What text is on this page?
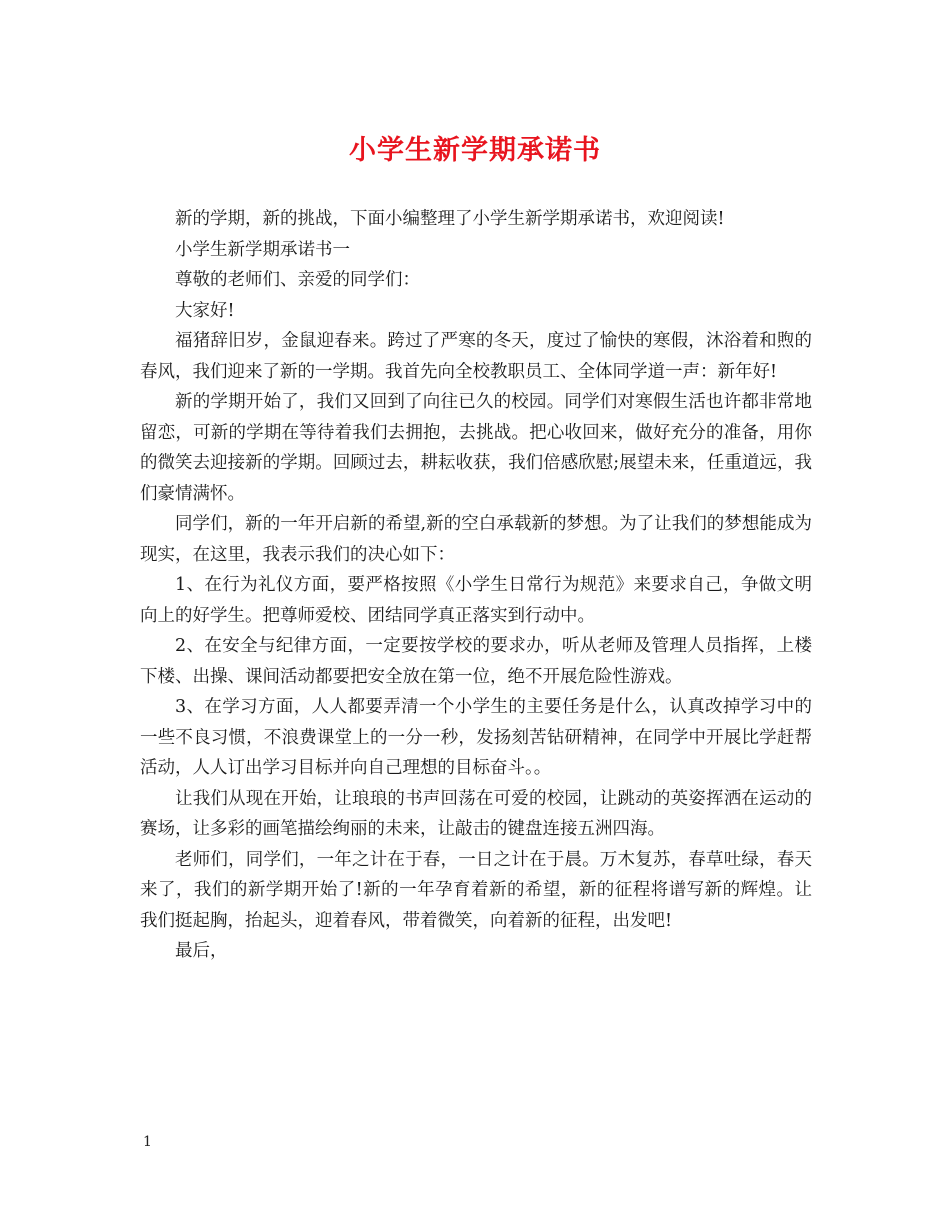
小学生新学期承诺书

新的学期，新的挑战，下面小编整理了小学生新学期承诺书，欢迎阅读!

小学生新学期承诺书一

尊敬的老师们、亲爱的同学们：

大家好!

福猪辞旧岁，金鼠迎春来。跨过了严寒的冬天，度过了愉快的寒假，沐浴着和煦的春风，我们迎来了新的一学期。我首先向全校教职员工、全体同学道一声：新年好!

新的学期开始了，我们又回到了向往已久的校园。同学们对寒假生活也许都非常地留恋，可新的学期在等待着我们去拥抱，去挑战。把心收回来，做好充分的准备，用你的微笑去迎接新的学期。回顾过去，耕耘收获，我们倍感欣慰;展望未来，任重道远，我们豪情满怀。

同学们，新的一年开启新的希望,新的空白承载新的梦想。为了让我们的梦想能成为现实，在这里，我表示我们的决心如下：

1、在行为礼仪方面，要严格按照《小学生日常行为规范》来要求自己，争做文明向上的好学生。把尊师爱校、团结同学真正落实到行动中。

2、在安全与纪律方面，一定要按学校的要求办，听从老师及管理人员指挥，上楼下楼、出操、课间活动都要把安全放在第一位，绝不开展危险性游戏。

3、在学习方面，人人都要弄清一个小学生的主要任务是什么，认真改掉学习中的一些不良习惯，不浪费课堂上的一分一秒，发扬刻苦钻研精神，在同学中开展比学赶帮活动，人人订出学习目标并向自己理想的目标奋斗。。

让我们从现在开始，让琅琅的书声回荡在可爱的校园，让跳动的英姿挥洒在运动的赛场，让多彩的画笔描绘绚丽的未来，让敲击的键盘连接五洲四海。

老师们，同学们，一年之计在于春，一日之计在于晨。万木复苏，春草吐绿，春天来了，我们的新学期开始了!新的一年孕育着新的希望，新的征程将谱写新的辉煌。让我们挺起胸，抬起头，迎着春风，带着微笑，向着新的征程，出发吧!

最后，

1
